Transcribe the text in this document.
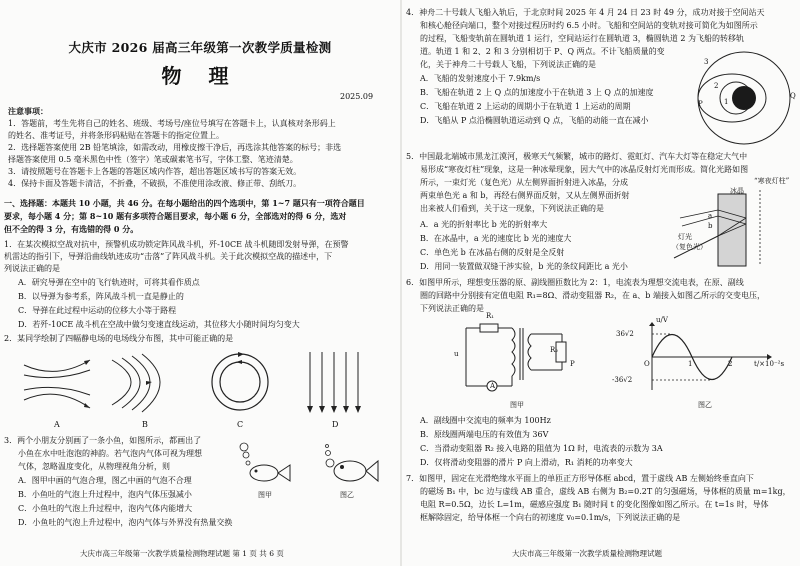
大庆市 2026 届高三年级第一次教学质量检测
物 理
2025.09
注意事项：
1．答题前，考生先将自己的姓名、班级、考场号/座位号填写在答题卡上，认真核对条形码上
的姓名、准考证号，并将条形码粘贴在答题卡的指定位置上。
2．选择题答案使用 2B 铅笔填涂，如需改动，用橡皮擦干净后，再选涂其他答案的标号；非选
择题答案使用 0.5 毫米黑色中性（签字）笔或碳素笔书写，字体工整、笔迹清楚。
3．请按照题号在答题卡上各题的答题区域内作答，超出答题区域书写的答案无效。
4．保持卡面及答题卡清洁，不折叠，不破损，不准使用涂改液、修正带、刮纸刀。
一、选择题：本题共 10 小题，共 46 分。在每小题给出的四个选项中，第 1~7 题只有一项符合题目
要求，每小题 4 分；第 8~10 题有多项符合题目要求，每小题 6 分，全部选对的得 6 分，选对
但不全的得 3 分，有选错的得 0 分。
1．在某次模拟空战对抗中，预警机成功锁定阵风战斗机，歼-10CE 战斗机随即发射导弹，在预警
机雷达的指引下，导弹沿曲线轨迹成功“击落”了阵风战斗机。关于此次模拟空战的描述中，下
列说法正确的是
A．研究导弹在空中的飞行轨迹时，可将其看作质点
B．以导弹为参考系，阵风战斗机一直是静止的
C．导弹在此过程中运动的位移大小等于路程
D．若歼-10CE 战斗机在空战中做匀变速直线运动，其位移大小随时间均匀变大
2．某同学绘制了四幅静电场的电场线分布图，其中可能正确的是
A	B	C	D
3．两个小朋友分别画了一条小鱼，如图所示，都画出了
小鱼在水中吐泡泡的神韵。若气泡内气体可视为理想
气体，忽略温度变化，从物理视角分析，则
A．图甲中画的气泡合理，图乙中画的气泡不合理
B．小鱼吐的气泡上升过程中，泡内气体压强减小
C．小鱼吐的气泡上升过程中，泡内气体内能增大
D．小鱼吐的气泡上升过程中，泡内气体与外界没有热量交换
图甲	图乙
大庆市高三年级第一次教学质量检测物理试题 第 1 页 共 6 页
4．神舟二十号载人飞船入轨后，于北京时间 2025 年 4 月 24 日 23 时 49 分，成功对接于空间站天
和核心舱径向端口，整个对接过程历时约 6.5 小时。飞船和空间站的变轨对接可简化为如图所示
的过程，飞船变轨前在圆轨道 1 运行，空间站运行在圆轨道 3，椭圆轨道 2 为飞船的转移轨
道。轨道 1 和 2、2 和 3 分别相切于 P、Q 两点。不计飞船质量的变
化，关于神舟二十号载人飞船，下列说法正确的是
A．飞船的发射速度小于 7.9km/s
B．飞船在轨道 2 上 Q 点的加速度小于在轨道 3 上 Q 点的加速度
C．飞船在轨道 2 上运动的周期小于在轨道 1 上运动的周期
D．飞船从 P 点沿椭圆轨道运动到 Q 点，飞船的动能一直在减小
3
2
1
P
Q
5．中国最北端城市黑龙江漠河，极寒天气频繁，城市的路灯、霓虹灯、汽车大灯等在稳定大气中
易形成“寒夜灯柱”现象，这是一种冰晕现象，因大气中的冰晶反射灯光而形成。简化光路如图
所示，一束灯光（复色光）从左侧界面折射进入冰晶，分成
两束单色光 a 和 b，再经右侧界面反射，又从左侧界面折射
出来被人们看到，关于这一现象，下列说法正确的是
A．a 光的折射率比 b 光的折射率大
B．在冰晶中，a 光的速度比 b 光的速度大
C．单色光 b 在冰晶右侧的反射是全反射
D．用同一装置做双缝干涉实验，b 光的条纹间距比 a 光小
灯光
（复色光）
冰晶
“寒夜灯柱”
a
b
6．如图甲所示，理想变压器的原、副线圈匝数比为 2：1，电流表为理想交流电表，在原、副线
圈的回路中分别接有定值电阻 R₁=8Ω、滑动变阻器 R₂，在 a、b 端接入如图乙所示的交变电压，
下列说法正确的是
R₁
R₂
A
u
P
图甲
36√2
-36√2
1	2	t/×10⁻²s
u/V
O
图乙
A．副线圈中交流电的频率为 100Hz
B．原线圈两端电压的有效值为 36V
C．当滑动变阻器 R₂ 接入电路的阻值为 1Ω 时，电流表的示数为 3A
D．仅将滑动变阻器的滑片 P 向上滑动，R₁ 消耗的功率变大
7．如图甲，固定在光滑绝缘水平面上的单匝正方形导体框 abcd，置于虚线 AB 左侧始终垂直向下
的磁场 B₁ 中，bc 边与虚线 AB 重合，虚线 AB 右侧为 B₂=0.2T 的匀强磁场，导体框的质量 m=1kg，
电阻 R=0.5Ω，边长 L=1m，磁感应强度 B₁ 随时间 t 的变化图像如图乙所示。在 t=1s 时，导体
框解除固定，给导体框一个向右的初速度 v₀=0.1m/s，下列说法正确的是
大庆市高三年级第一次教学质量检测物理试题
